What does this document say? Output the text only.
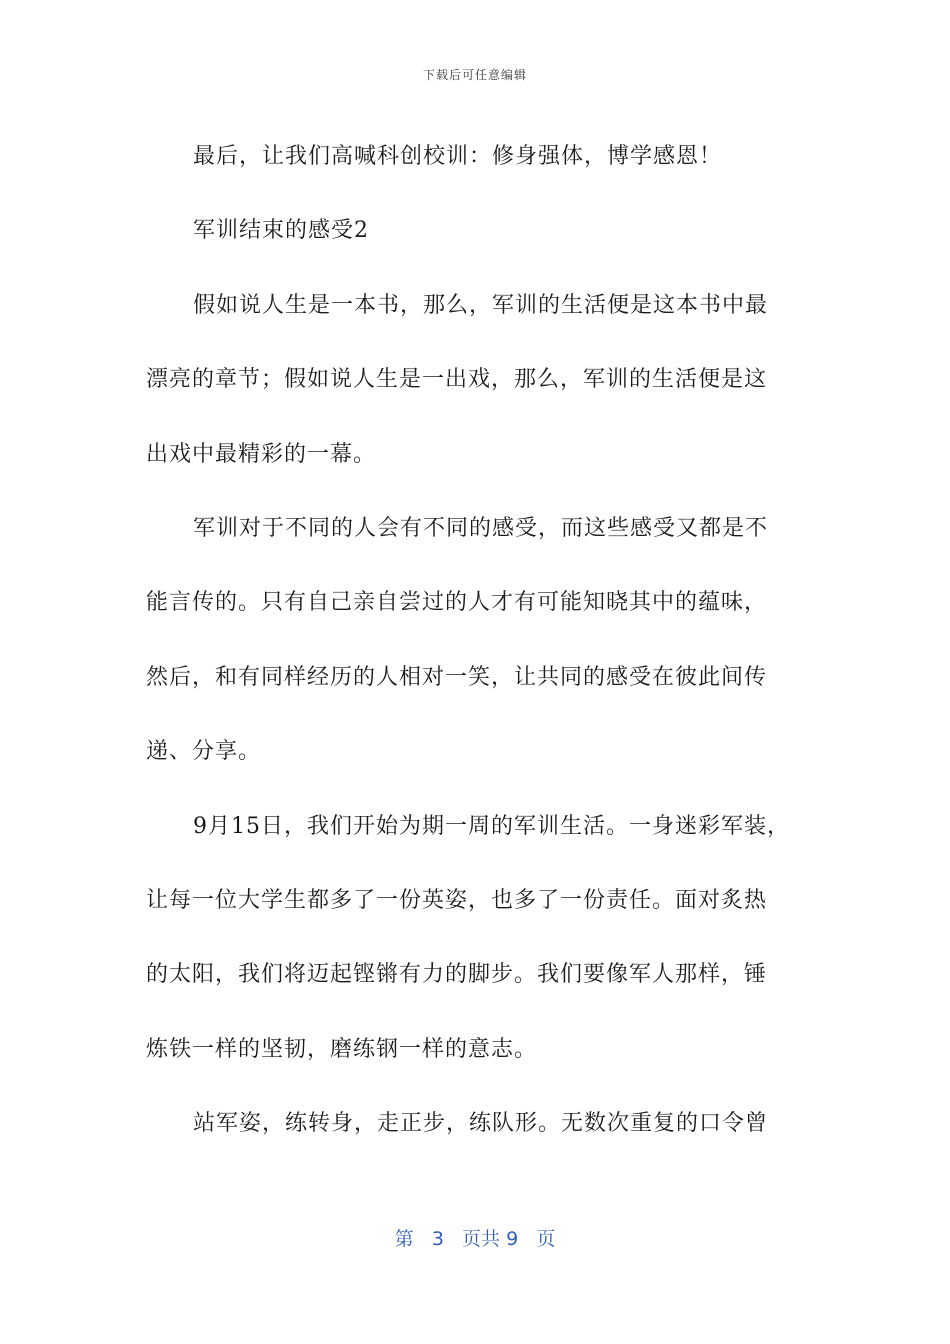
下载后可任意编辑
最后，让我们高喊科创校训：修身强体，博学感恩！
军训结束的感受2
假如说人生是一本书，那么，军训的生活便是这本书中最
漂亮的章节；假如说人生是一出戏，那么，军训的生活便是这
出戏中最精彩的一幕。
军训对于不同的人会有不同的感受，而这些感受又都是不
能言传的。只有自己亲自尝过的人才有可能知晓其中的蕴味，
然后，和有同样经历的人相对一笑，让共同的感受在彼此间传
递、分享。
9月15日，我们开始为期一周的军训生活。一身迷彩军装，
让每一位大学生都多了一份英姿，也多了一份责任。面对炙热
的太阳，我们将迈起铿锵有力的脚步。我们要像军人那样，锤
炼铁一样的坚韧，磨练钢一样的意志。
站军姿，练转身，走正步，练队形。无数次重复的口令曾
第 3 页共 9 页
